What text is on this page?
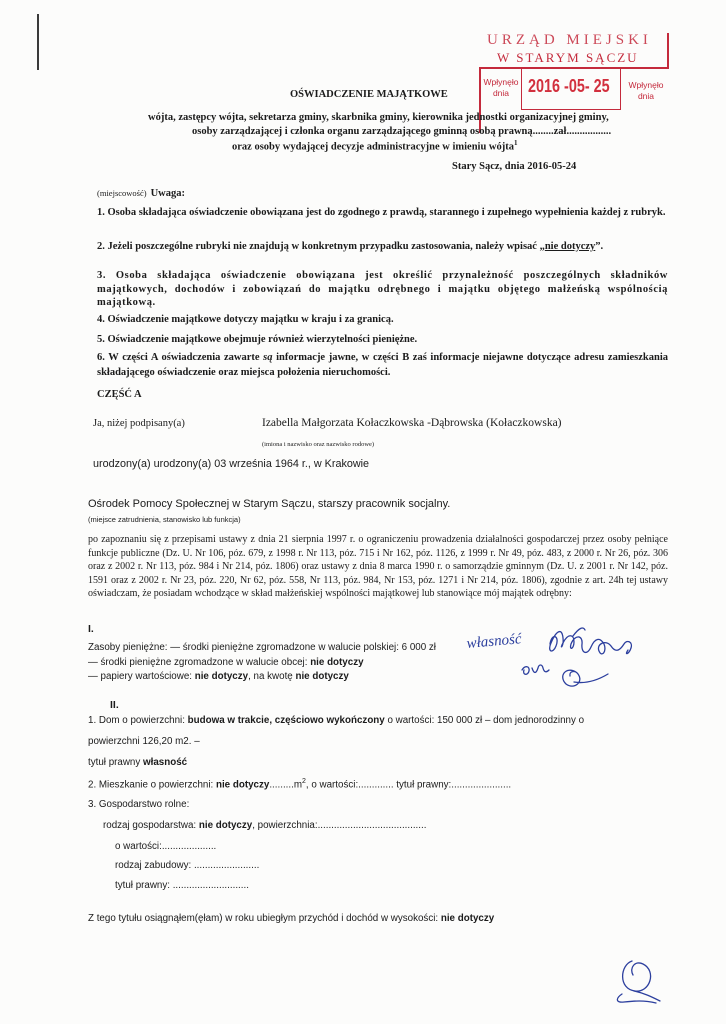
URZĄD MIEJSKI
W STARYM SĄCZU
Wpłynęło
dnia	2016 -05- 25	Wpłynęło
dnia
OŚWIADCZENIE MAJĄTKOWE
wójta, zastępcy wójta, sekretarza gminy, skarbnika gminy, kierownika jednostki organizacyjnej gminy,
osoby zarządzającej i członka organu zarządzającego gminną osobą prawną........zał.................
oraz osoby wydającej decyzje administracyjne w imieniu wójta$^1$
Stary Sącz, dnia 2016-05-24
(miejscowość) Uwaga:
1. Osoba składająca oświadczenie obowiązana jest do zgodnego z prawdą, starannego i zupełnego wypełnienia każdej z rubryk.
2. Jeżeli poszczególne rubryki nie znajdują w konkretnym przypadku zastosowania, należy wpisać „nie dotyczy”.
3. Osoba składająca oświadczenie obowiązana jest określić przynależność poszczególnych składników majątkowych, dochodów i zobowiązań do majątku odrębnego i majątku objętego małżeńską wspólnością majątkową.
4. Oświadczenie majątkowe dotyczy majątku w kraju i za granicą.
5. Oświadczenie majątkowe obejmuje również wierzytelności pieniężne.
6. W części A oświadczenia zawarte są informacje jawne, w części B zaś informacje niejawne dotyczące adresu zamieszkania składającego oświadczenie oraz miejsca położenia nieruchomości.
CZĘŚĆ A
Ja, niżej podpisany(a)	Izabella Małgorzata Kołaczkowska -Dąbrowska (Kołaczkowska)
(imiona i nazwisko oraz nazwisko rodowe)
urodzony(a) urodzony(a) 03 września 1964 r., w Krakowie
Ośrodek Pomocy Społecznej w Starym Sączu, starszy pracownik socjalny.
(miejsce zatrudnienia, stanowisko lub funkcja)
po zapoznaniu się z przepisami ustawy z dnia 21 sierpnia 1997 r. o ograniczeniu prowadzenia działalności gospodarczej przez osoby pełniące funkcje publiczne (Dz. U. Nr 106, póz. 679, z 1998 r. Nr 113, póz. 715 i Nr 162, póz. 1126, z 1999 r. Nr 49, póz. 483, z 2000 r. Nr 26, póz. 306 oraz z 2002 r. Nr 113, póz. 984 i Nr 214, póz. 1806) oraz ustawy z dnia 8 marca 1990 r. o samorządzie gminnym (Dz. U. z 2001 r. Nr 142, póz. 1591 oraz z 2002 r. Nr 23, póz. 220, Nr 62, póz. 558, Nr 113, póz. 984, Nr 153, póz. 1271 i Nr 214, póz. 1806), zgodnie z art. 24h tej ustawy oświadczam, że posiadam wchodzące w skład małżeńskiej wspólności majątkowej lub stanowiące mój majątek odrębny:
I.
Zasoby pieniężne: — środki pieniężne zgromadzone w walucie polskiej: 6 000 zł
— środki pieniężne zgromadzone w walucie obcej: nie dotyczy
— papiery wartościowe: nie dotyczy, na kwotę nie dotyczy
własność
II.
1. Dom o powierzchni: budowa w trakcie, częściowo wykończony o wartości: 150 000 zł – dom jednorodzinny o
powierzchni 126,20 m2. –
tytuł prawny własność
2. Mieszkanie o powierzchni: nie $dotyczy.........m^2$, o wartości:............. tytuł prawny:......................
3. Gospodarstwo rolne:
rodzaj gospodarstwa: nie dotyczy, powierzchnia:........................................
o wartości:....................
rodzaj zabudowy: ........................
tytuł prawny: ............................
Z tego tytułu osiągnąłem(ęłam) w roku ubiegłym przychód i dochód w wysokości: nie dotyczy
